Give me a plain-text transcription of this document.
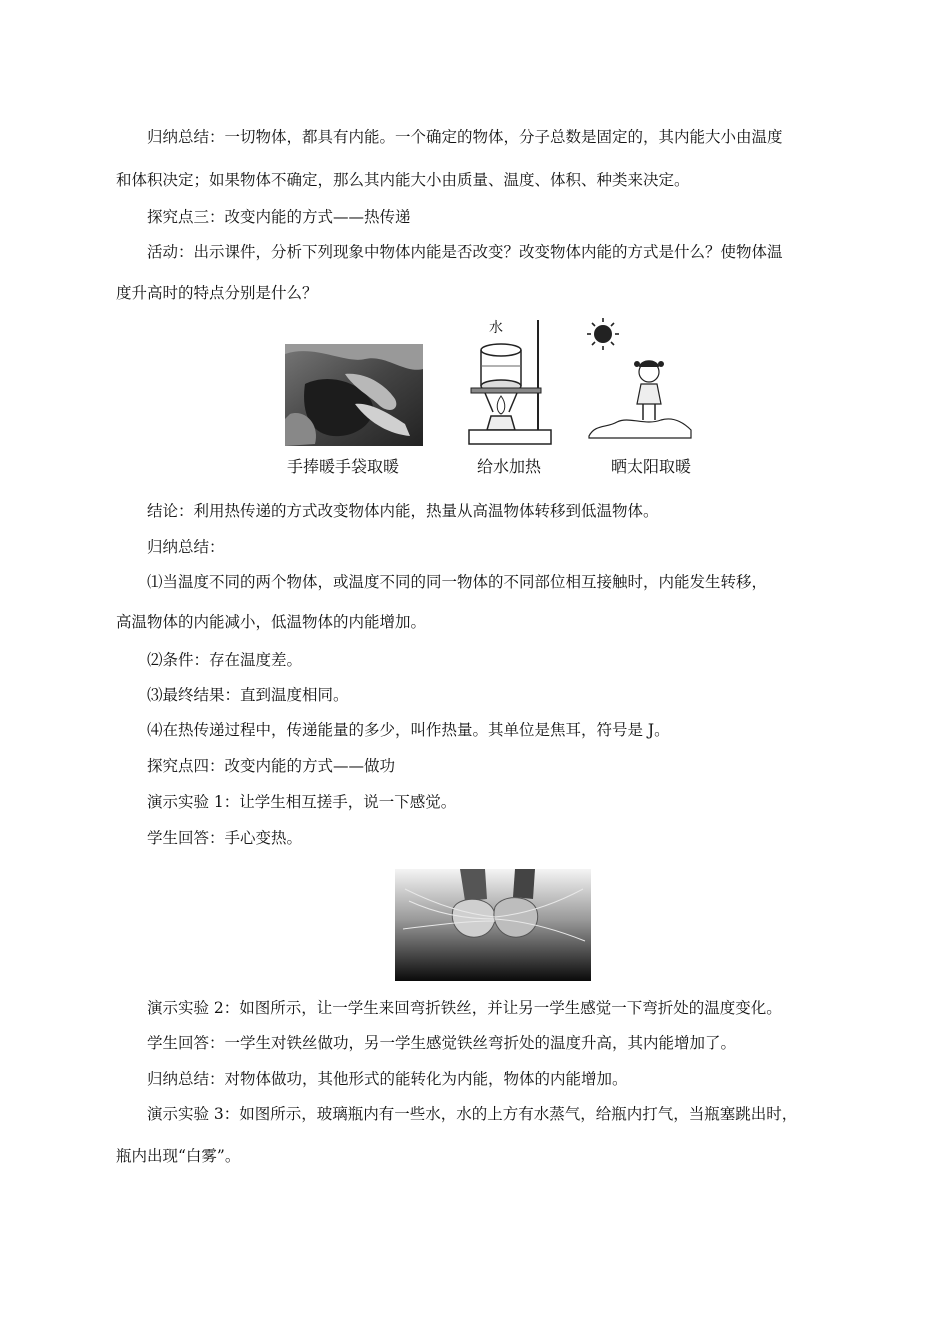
归纳总结：一切物体，都具有内能。一个确定的物体，分子总数是固定的，其内能大小由温度
和体积决定；如果物体不确定，那么其内能大小由质量、温度、体积、种类来决定。
探究点三：改变内能的方式——热传递
活动：出示课件，分析下列现象中物体内能是否改变？改变物体内能的方式是什么？使物体温
度升高时的特点分别是什么？
水
手捧暖手袋取暖	给水加热	晒太阳取暖
结论：利用热传递的方式改变物体内能，热量从高温物体转移到低温物体。
归纳总结：
⑴当温度不同的两个物体，或温度不同的同一物体的不同部位相互接触时，内能发生转移，
高温物体的内能减小，低温物体的内能增加。
⑵条件：存在温度差。
⑶最终结果：直到温度相同。
⑷在热传递过程中，传递能量的多少，叫作热量。其单位是焦耳，符号是 J。
探究点四：改变内能的方式——做功
演示实验 1：让学生相互搓手，说一下感觉。
学生回答：手心变热。
演示实验 2：如图所示，让一学生来回弯折铁丝，并让另一学生感觉一下弯折处的温度变化。
学生回答：一学生对铁丝做功，另一学生感觉铁丝弯折处的温度升高，其内能增加了。
归纳总结：对物体做功，其他形式的能转化为内能，物体的内能增加。
演示实验 3：如图所示，玻璃瓶内有一些水，水的上方有水蒸气，给瓶内打气，当瓶塞跳出时，
瓶内出现“白雾”。
